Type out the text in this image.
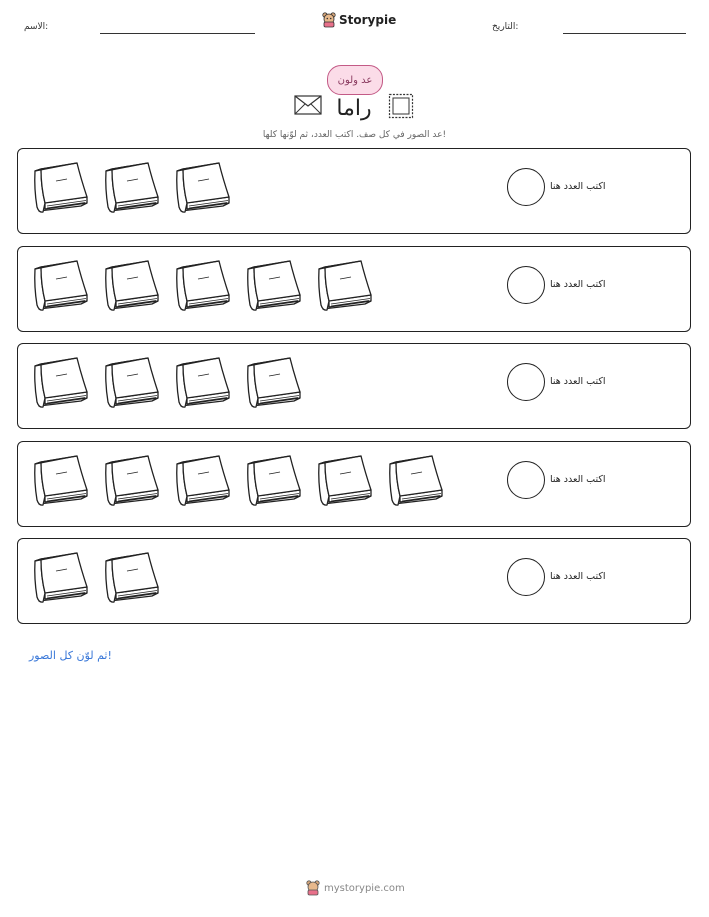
الاسم:	Storypie	التاريخ:
عد ولون
راما
عد الصور في كل صف. اكتب العدد، ثم لوّنها كلها!
اكتب العدد هنا
اكتب العدد هنا
اكتب العدد هنا
اكتب العدد هنا
اكتب العدد هنا
ثم لوّن كل الصور!
mystorypie.com
